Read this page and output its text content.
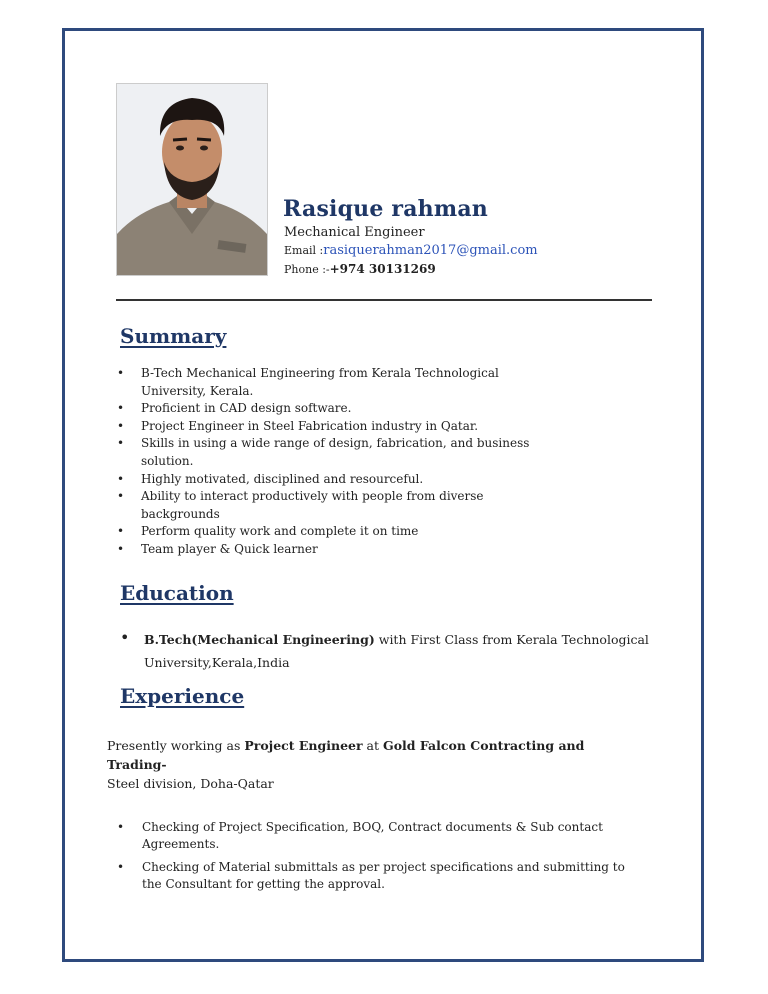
Rasique rahman
Mechanical Engineer
Email :rasiquerahman2017@gmail.com
Phone :-+974 30131269
Summary
• B-Tech Mechanical Engineering from Kerala Technological University, Kerala.
• Proficient in CAD design software.
• Project Engineer in Steel Fabrication industry in Qatar.
• Skills in using a wide range of design, fabrication, and business solution.
• Highly motivated, disciplined and resourceful.
• Ability to interact productively with people from diverse backgrounds
• Perform quality work and complete it on time
• Team player & Quick learner
Education
•	B.Tech(Mechanical Engineering) with First Class from Kerala Technological University,Kerala,India
Experience
Presently working as Project Engineer at Gold Falcon Contracting and Trading-
Steel division, Doha-Qatar
• Checking of Project Specification, BOQ, Contract documents & Sub contact Agreements.
• Checking of Material submittals as per project specifications and submitting to the Consultant for getting the approval.
